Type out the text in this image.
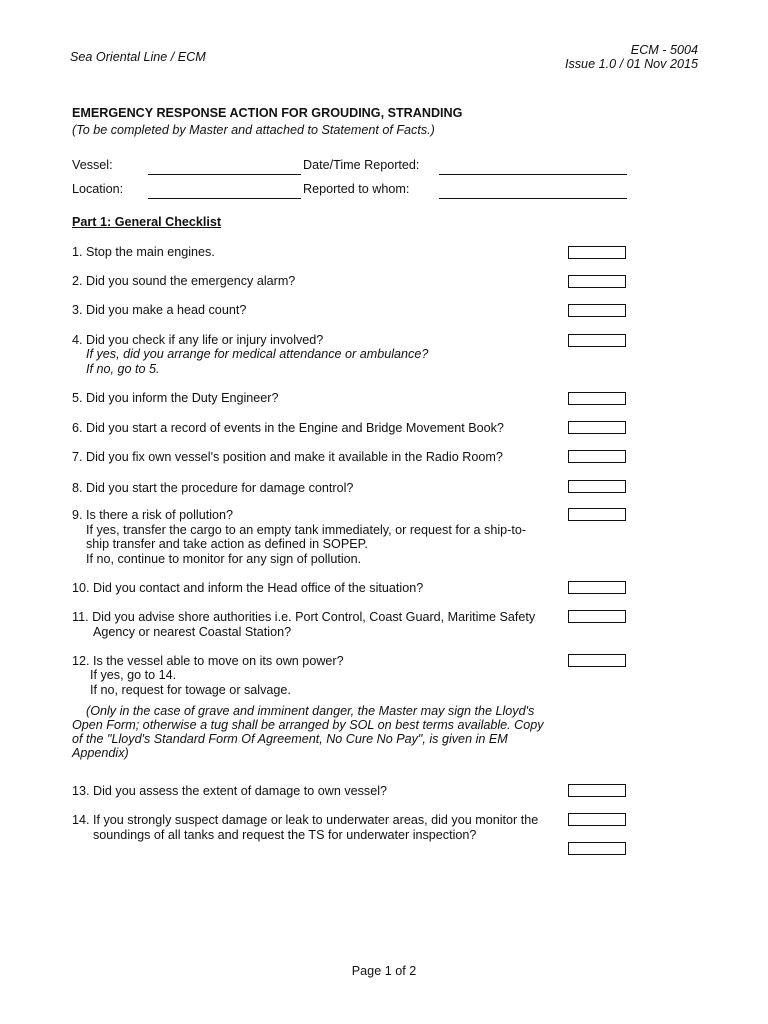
Sea Oriental Line / ECM	ECM - 5004
Issue 1.0 / 01 Nov 2015
EMERGENCY RESPONSE ACTION FOR GROUDING, STRANDING
(To be completed by Master and attached to Statement of Facts.)
Vessel:	Date/Time Reported:
Location:	Reported to whom:
Part 1: General Checklist
1. Stop the main engines.
2. Did you sound the emergency alarm?
3. Did you make a head count?
4. Did you check if any life or injury involved?
If yes, did you arrange for medical attendance or ambulance?
If no, go to 5.
5. Did you inform the Duty Engineer?
6. Did you start a record of events in the Engine and Bridge Movement Book?
7. Did you fix own vessel's position and make it available in the Radio Room?
8. Did you start the procedure for damage control?
9. Is there a risk of pollution?
If yes, transfer the cargo to an empty tank immediately, or request for a ship-to-
ship transfer and take action as defined in SOPEP.
If no, continue to monitor for any sign of pollution.
10. Did you contact and inform the Head office of the situation?
11. Did you advise shore authorities i.e. Port Control, Coast Guard, Maritime Safety
Agency or nearest Coastal Station?
12. Is the vessel able to move on its own power?
If yes, go to 14.
If no, request for towage or salvage.
(Only in the case of grave and imminent danger, the Master may sign the Lloyd's
Open Form; otherwise a tug shall be arranged by SOL on best terms available. Copy
of the "Lloyd's Standard Form Of Agreement, No Cure No Pay", is given in EM
Appendix)
13. Did you assess the extent of damage to own vessel?
14. If you strongly suspect damage or leak to underwater areas, did you monitor the
soundings of all tanks and request the TS for underwater inspection?
Page 1 of 2
